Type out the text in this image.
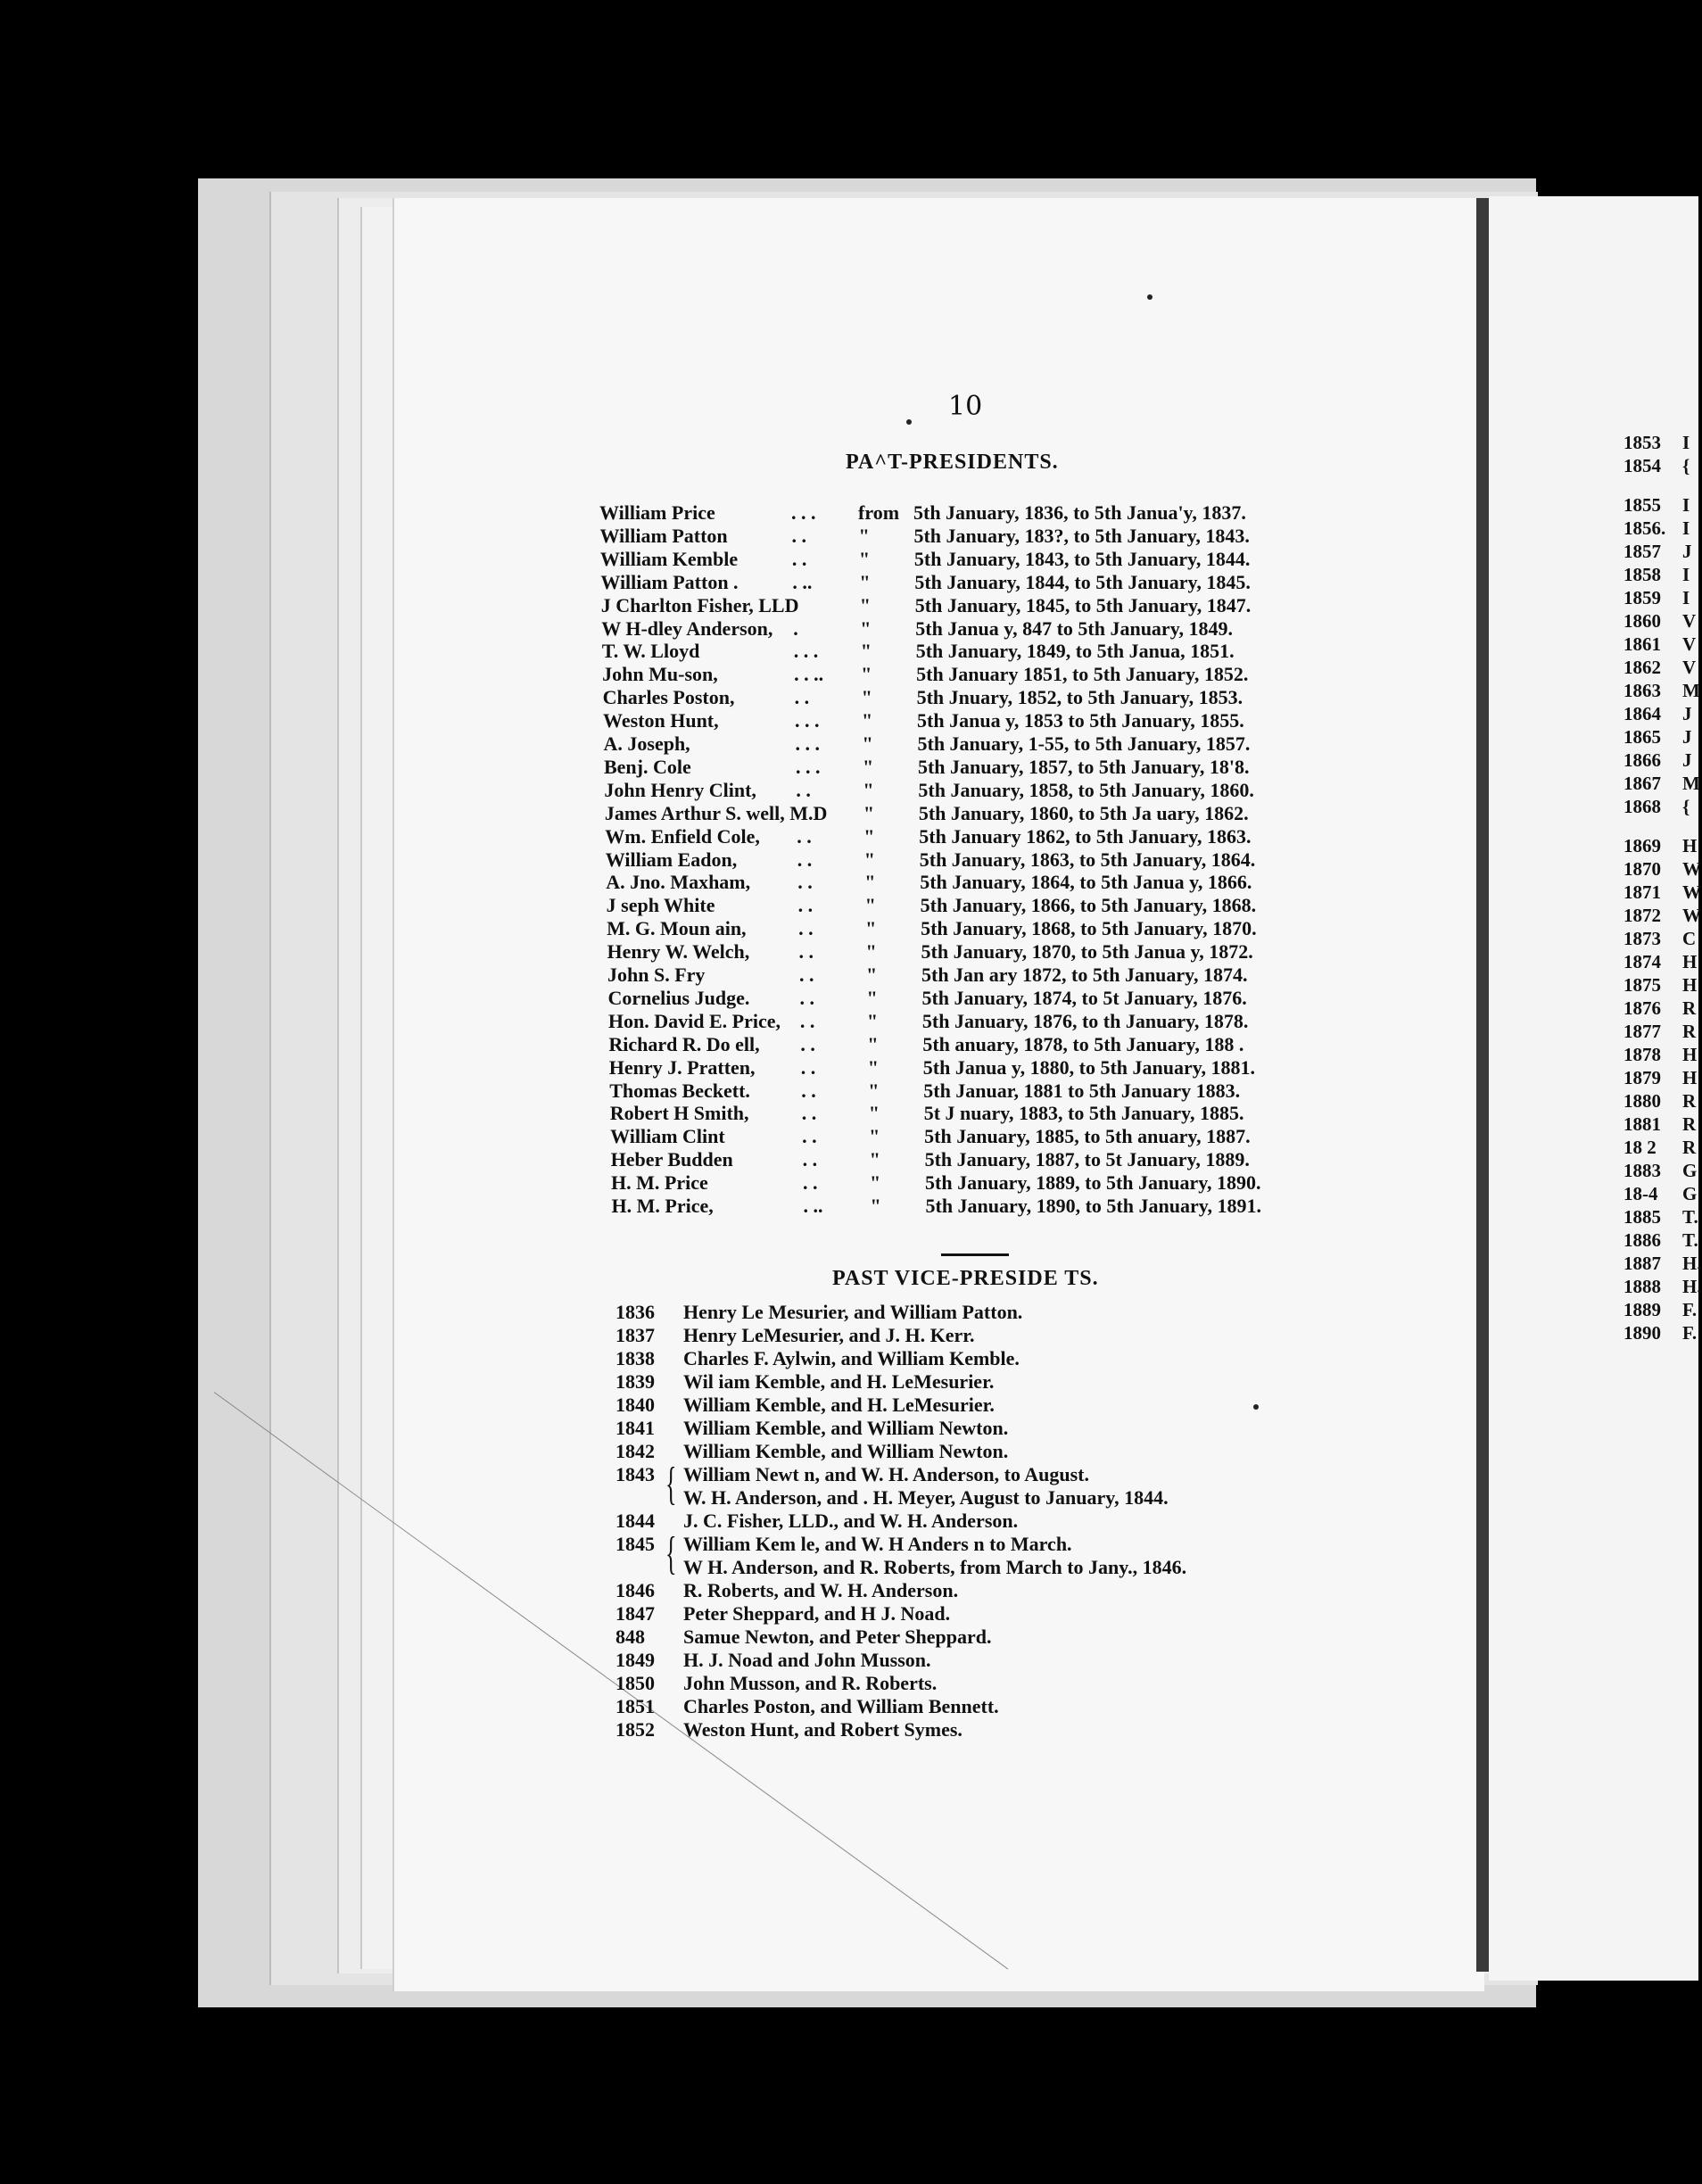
10
PA^T-PRESIDENTS.
William Price	. . . from 5th January, 1836, to 5th Janua'y, 1837.
William Patton	. .	" 5th January, 183?, to 5th January, 1843.
William Kemble	. .	" 5th January, 1843, to 5th January, 1844.
William Patton .	. .. " 5th January, 1844, to 5th January, 1845.
J Charlton Fisher, LLD	" 5th January, 1845, to 5th January, 1847.
W H-dley Anderson, .	" 5th Janua y, 847 to 5th January, 1849.
T. W. Lloyd	. . . " 5th January, 1849, to 5th Janua, 1851.
John Mu-son,	. . .. " 5th January 1851, to 5th January, 1852.
Charles Poston,	. .	" 5th Jnuary, 1852, to 5th January, 1853.
Weston Hunt,	. . . " 5th Janua y, 1853 to 5th January, 1855.
A. Joseph,	. . . " 5th January, 1-55, to 5th January, 1857.
Benj. Cole	. . . " 5th January, 1857, to 5th January, 18'8.
John Henry Clint, . .	" 5th January, 1858, to 5th January, 1860.
James Arthur S. well, M.D " 5th January, 1860, to 5th Ja uary, 1862.
Wm. Enfield Cole, . .	" 5th January 1862, to 5th January, 1863.
William Eadon,	. .	" 5th January, 1863, to 5th January, 1864.
A. Jno. Maxham, . .	" 5th January, 1864, to 5th Janua y, 1866.
J seph White	. .	" 5th January, 1866, to 5th January, 1868.
M. G. Moun ain,	. .	" 5th January, 1868, to 5th January, 1870.
Henry W. Welch,	. .	" 5th January, 1870, to 5th Janua y, 1872.
John S. Fry	. .	" 5th Jan ary 1872, to 5th January, 1874.
Cornelius Judge.	. .	" 5th January, 1874, to 5t January, 1876.
Hon. David E. Price, . .	" 5th January, 1876, to th January, 1878.
Richard R. Do ell, . .	" 5th anuary, 1878, to 5th January, 188 .
Henry J. Pratten, . .	" 5th Janua y, 1880, to 5th January, 1881.
Thomas Beckett.	. .	" 5th Januar, 1881 to 5th January 1883.
Robert H Smith,	. .	" 5t J nuary, 1883, to 5th January, 1885.
William Clint	. .	" 5th January, 1885, to 5th anuary, 1887.
Heber Budden	. .	" 5th January, 1887, to 5t January, 1889.
H. M. Price	. .	" 5th January, 1889, to 5th January, 1890.
H. M. Price,	. .. " 5th January, 1890, to 5th January, 1891.
PAST VICE-PRESIDE TS.
1836 Henry Le Mesurier, and William Patton.
1837 Henry LeMesurier, and J. H. Kerr.
1838 Charles F. Aylwin, and William Kemble.
1839 Wil iam Kemble, and H. LeMesurier.
1840 William Kemble, and H. LeMesurier.
1841 William Kemble, and William Newton.
1842 William Kemble, and William Newton.
1843 { William Newt n, and W. H. Anderson, to August.
W. H. Anderson, and . H. Meyer, August to January, 1844.
1844 J. C. Fisher, LLD., and W. H. Anderson.
1845 { William Kem le, and W. H Anders n to March.
W H. Anderson, and R. Roberts, from March to Jany., 1846.
1846 R. Roberts, and W. H. Anderson.
1847 Peter Sheppard, and H J. Noad.
848 Samue Newton, and Peter Sheppard.
1849 H. J. Noad and John Musson.
1850 John Musson, and R. Roberts.
1851 Charles Poston, and William Bennett.
1852 Weston Hunt, and Robert Symes.
1853 I
1854 {
1855 I
1856. I
1857 J
1858 I
1859 I
1860 V
1861 V
1862 V
1863 M
1864 J
1865 J
1866 J
1867 M
1868 {
1869 H
1870 W
1871 W
1872 W
1873 C
1874 H
1875 H
1876 R
1877 R
1878 H
1879 H
1880 R
1881 R
18 2 R
1883 G
18-4 G
1885 T.
1886 T.
1887 H.
1888 H.
1889 F.
1890 F.
